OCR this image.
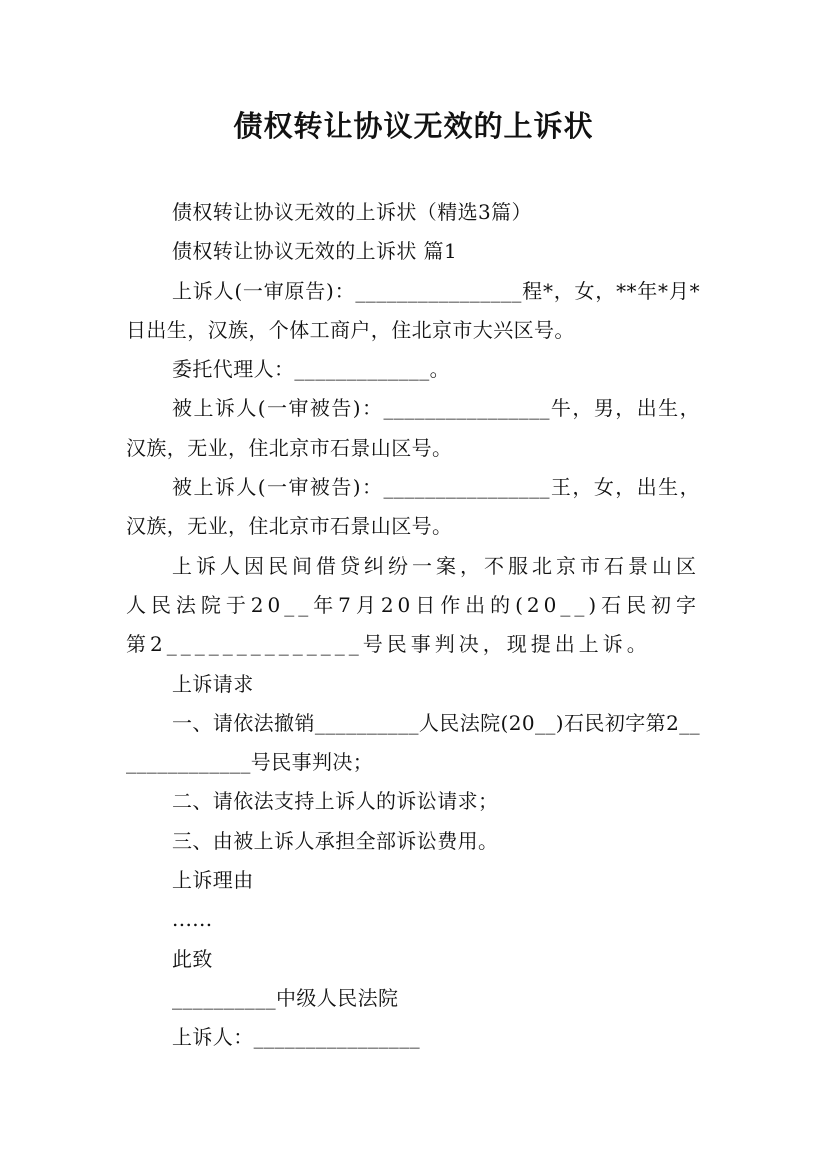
债权转让协议无效的上诉状

债权转让协议无效的上诉状（精选3篇）

债权转让协议无效的上诉状 篇1

上诉人(一审原告)：________________程*，女，**年*月*日出生，汉族，个体工商户，住北京市大兴区号。

委托代理人：_____________。

被上诉人(一审被告)：________________牛，男，出生，汉族，无业，住北京市石景山区号。

被上诉人(一审被告)：________________王，女，出生，汉族，无业，住北京市石景山区号。

上诉人因民间借贷纠纷一案，不服北京市石景山区人民法院于20__年7月20日作出的(20__)石民初字第2______________号民事判决，现提出上诉。

上诉请求

一、请依法撤销__________人民法院(20__)石民初字第2______________号民事判决；

二、请依法支持上诉人的诉讼请求；

三、由被上诉人承担全部诉讼费用。

上诉理由

......

此致

__________中级人民法院

上诉人：________________
